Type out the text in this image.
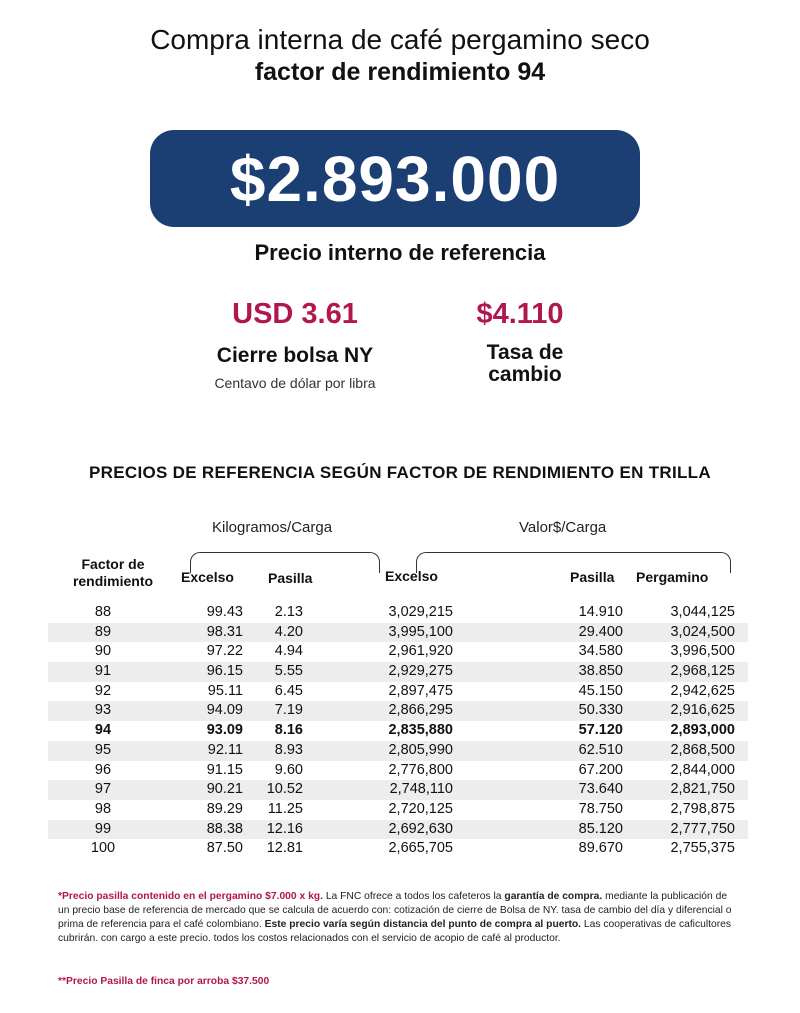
Compra interna de café pergamino seco
factor de rendimiento 94
$2.893.000
Precio interno de referencia
USD 3.61
Cierre bolsa NY
Centavo de dólar por libra
$4.110
Tasa de
cambio
PRECIOS DE REFERENCIA SEGÚN FACTOR DE RENDIMIENTO EN TRILLA
Kilogramos/Carga	Valor$/Carga
Factor de
rendimiento	Excelso Pasilla	Excelso	Pasilla Pergamino
88	99.43	2.13	3,029,215	14.910	3,044,125
89	98.31	4.20	3,995,100	29.400	3,024,500
90	97.22	4.94	2,961,920	34.580	3,996,500
91	96.15	5.55	2,929,275	38.850	2,968,125
92	95.11	6.45	2,897,475	45.150	2,942,625
93	94.09	7.19	2,866,295	50.330	2,916,625
94	93.09	8.16	2,835,880	57.120	2,893,000
95	92.11	8.93	2,805,990	62.510	2,868,500
96	91.15	9.60	2,776,800	67.200	2,844,000
97	90.21	10.52	2,748,110	73.640	2,821,750
98	89.29	11.25	2,720,125	78.750	2,798,875
99	88.38	12.16	2,692,630	85.120	2,777,750
100	87.50	12.81	2,665,705	89.670	2,755,375
*Precio pasilla contenido en el pergamino $7.000 x kg. La FNC ofrece a todos los cafeteros la garantía de compra. mediante la publicación de un precio base de referencia de mercado que se calcula de acuerdo con: cotización de cierre de Bolsa de NY. tasa de cambio del día y diferencial o prima de referencia para el café colombiano. Este precio varía según distancia del punto de compra al puerto. Las cooperativas de caficultores cubrirán. con cargo a este precio. todos los costos relacionados con el servicio de acopio de café al productor.
**Precio Pasilla de finca por arroba $37.500
